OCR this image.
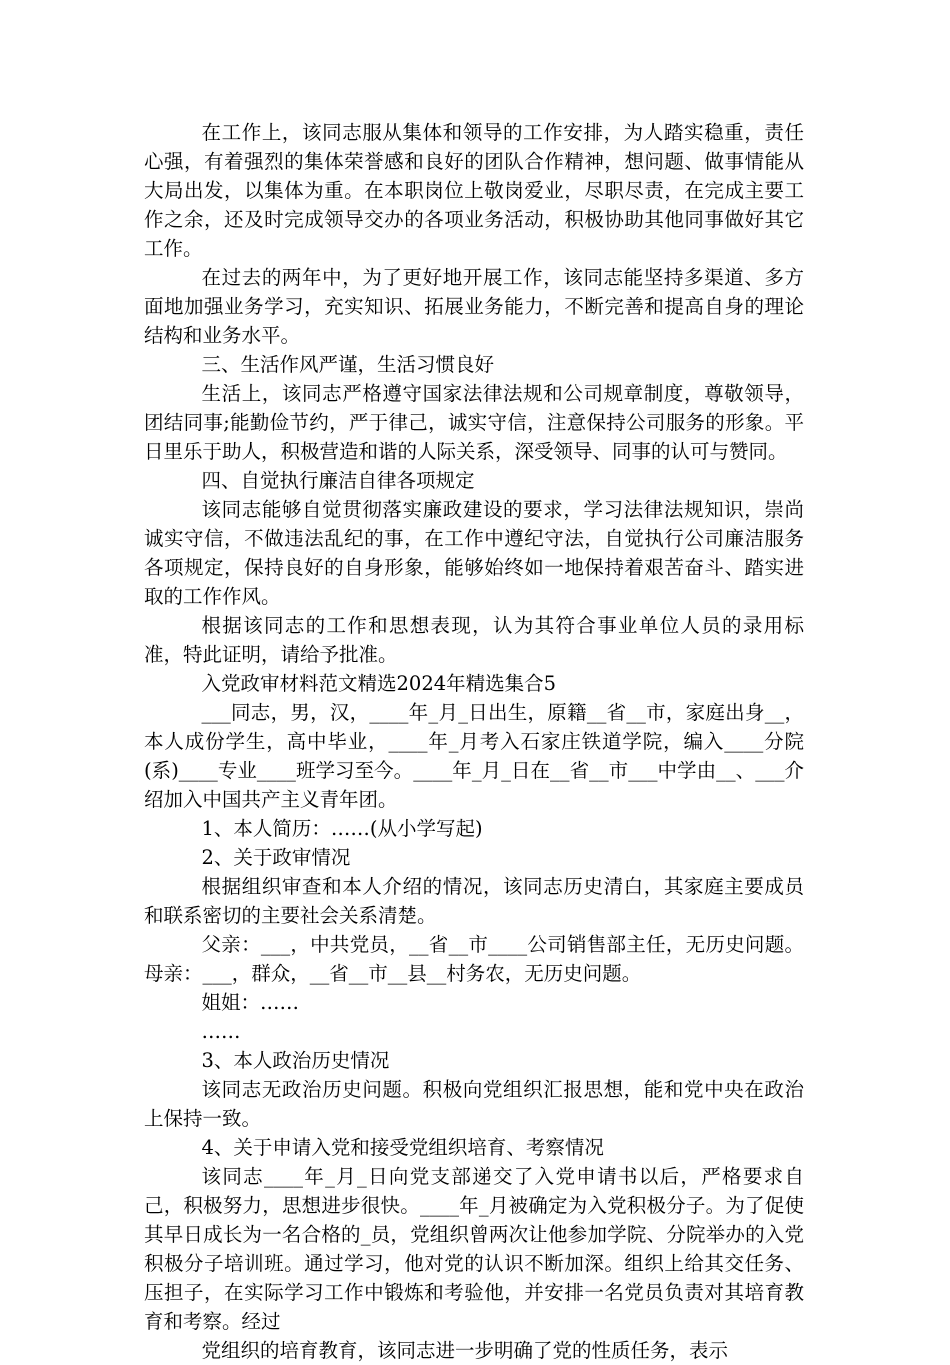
在工作上，该同志服从集体和领导的工作安排，为人踏实稳重，责任心强，有着强烈的集体荣誉感和良好的团队合作精神，想问题、做事情能从大局出发，以集体为重。在本职岗位上敬岗爱业，尽职尽责，在完成主要工作之余，还及时完成领导交办的各项业务活动，积极协助其他同事做好其它工作。

在过去的两年中，为了更好地开展工作，该同志能坚持多渠道、多方面地加强业务学习，充实知识、拓展业务能力，不断完善和提高自身的理论结构和业务水平。

三、生活作风严谨，生活习惯良好

生活上，该同志严格遵守国家法律法规和公司规章制度，尊敬领导，团结同事;能勤俭节约，严于律己，诚实守信，注意保持公司服务的形象。平日里乐于助人，积极营造和谐的人际关系，深受领导、同事的认可与赞同。

四、自觉执行廉洁自律各项规定

该同志能够自觉贯彻落实廉政建设的要求，学习法律法规知识，崇尚诚实守信，不做违法乱纪的事，在工作中遵纪守法，自觉执行公司廉洁服务各项规定，保持良好的自身形象，能够始终如一地保持着艰苦奋斗、踏实进取的工作作风。

根据该同志的工作和思想表现，认为其符合事业单位人员的录用标准，特此证明，请给予批准。

入党政审材料范文精选2024年精选集合5

___同志，男，汉，____年_月_日出生，原籍__省__市，家庭出身__，本人成份学生，高中毕业，____年_月考入石家庄铁道学院，编入____分院(系)____专业____班学习至今。____年_月_日在__省__市___中学由__、___介绍加入中国共产主义青年团。

1、本人简历：……(从小学写起)

2、关于政审情况

根据组织审查和本人介绍的情况，该同志历史清白，其家庭主要成员和联系密切的主要社会关系清楚。

父亲：___，中共党员，__省__市____公司销售部主任，无历史问题。母亲：___，群众，__省__市__县__村务农，无历史问题。

姐姐：……

……

3、本人政治历史情况

该同志无政治历史问题。积极向党组织汇报思想，能和党中央在政治上保持一致。

4、关于申请入党和接受党组织培育、考察情况

该同志____年_月_日向党支部递交了入党申请书以后，严格要求自己，积极努力，思想进步很快。____年_月被确定为入党积极分子。为了促使其早日成长为一名合格的_员，党组织曾两次让他参加学院、分院举办的入党积极分子培训班。通过学习，他对党的认识不断加深。组织上给其交任务、压担子，在实际学习工作中锻炼和考验他，并安排一名党员负责对其培育教育和考察。经过

党组织的培育教育，该同志进一步明确了党的性质任务，表示
